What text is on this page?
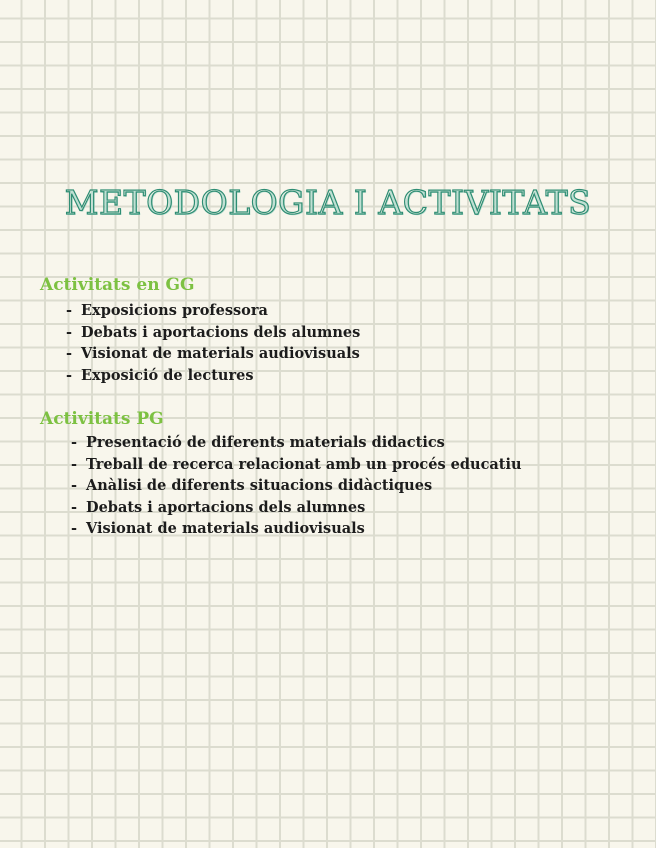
METODOLOGIA I ACTIVITATS
Activitats en GG
- Exposicions professora
- Debats i aportacions dels alumnes
- Visionat de materials audiovisuals
- Exposició de lectures
Activitats PG
- Presentació de diferents materials didactics
- Treball de recerca relacionat amb un procés educatiu
- Anàlisi de diferents situacions didàctiques
- Debats i aportacions dels alumnes
- Visionat de materials audiovisuals
